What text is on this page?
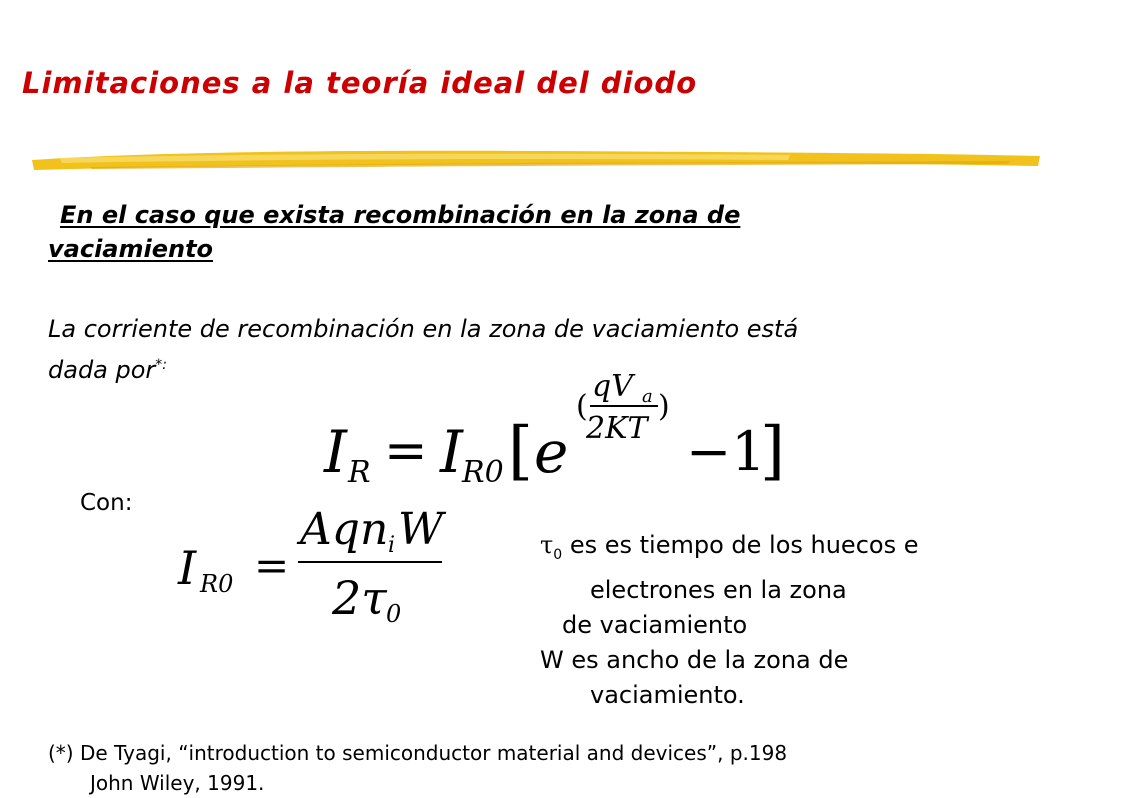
Limitaciones a la teoría ideal del diodo
En el caso que exista recombinación en la zona de
vaciamiento
La corriente de recombinación en la zona de vaciamiento está
dada por*:
I R = I R0 [ e
(
qV a
2KT
)
−1
]
Con:
I R0 =
Aqn i W
2τ 0
$\tau_0$ es es tiempo de los huecos e
electrones en la zona
de vaciamiento
W es ancho de la zona de
vaciamiento.
(*) De Tyagi, “introduction to semiconductor material and devices”, p.198
John Wiley, 1991.
